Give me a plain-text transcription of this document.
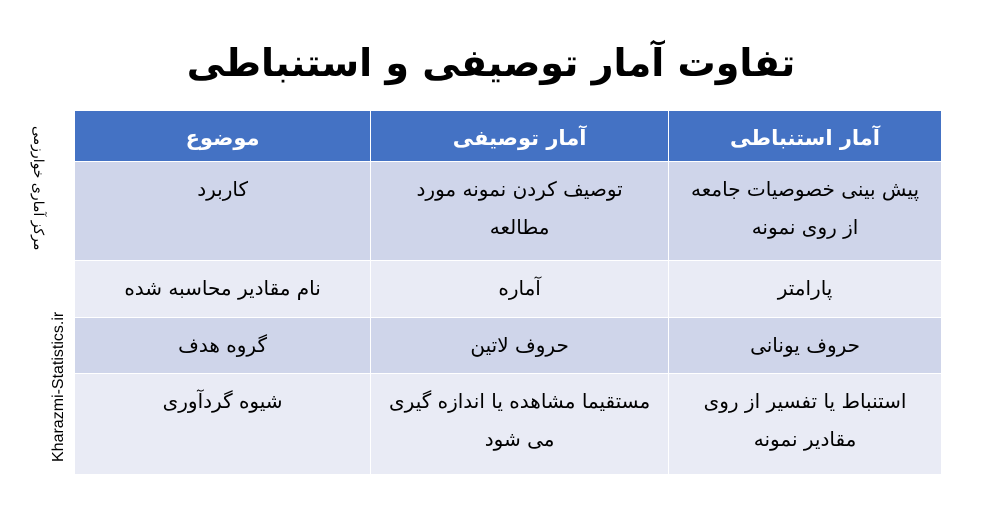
تفاوت آمار توصیفی و استنباطی
مرکز آماری خوارزمی
Kharazmi-Statistics.ir
آمار استنباطی	آمار توصیفی	موضوع
پیش بینی خصوصیات جامعه از روی نمونه	توصیف کردن نمونه مورد مطالعه	کاربرد
پارامتر	آماره	نام مقادیر محاسبه شده
حروف یونانی	حروف لاتین	گروه هدف
استنباط یا تفسیر از روی مقادیر نمونه	مستقیما مشاهده یا اندازه گیری می شود	شیوه گردآوری
